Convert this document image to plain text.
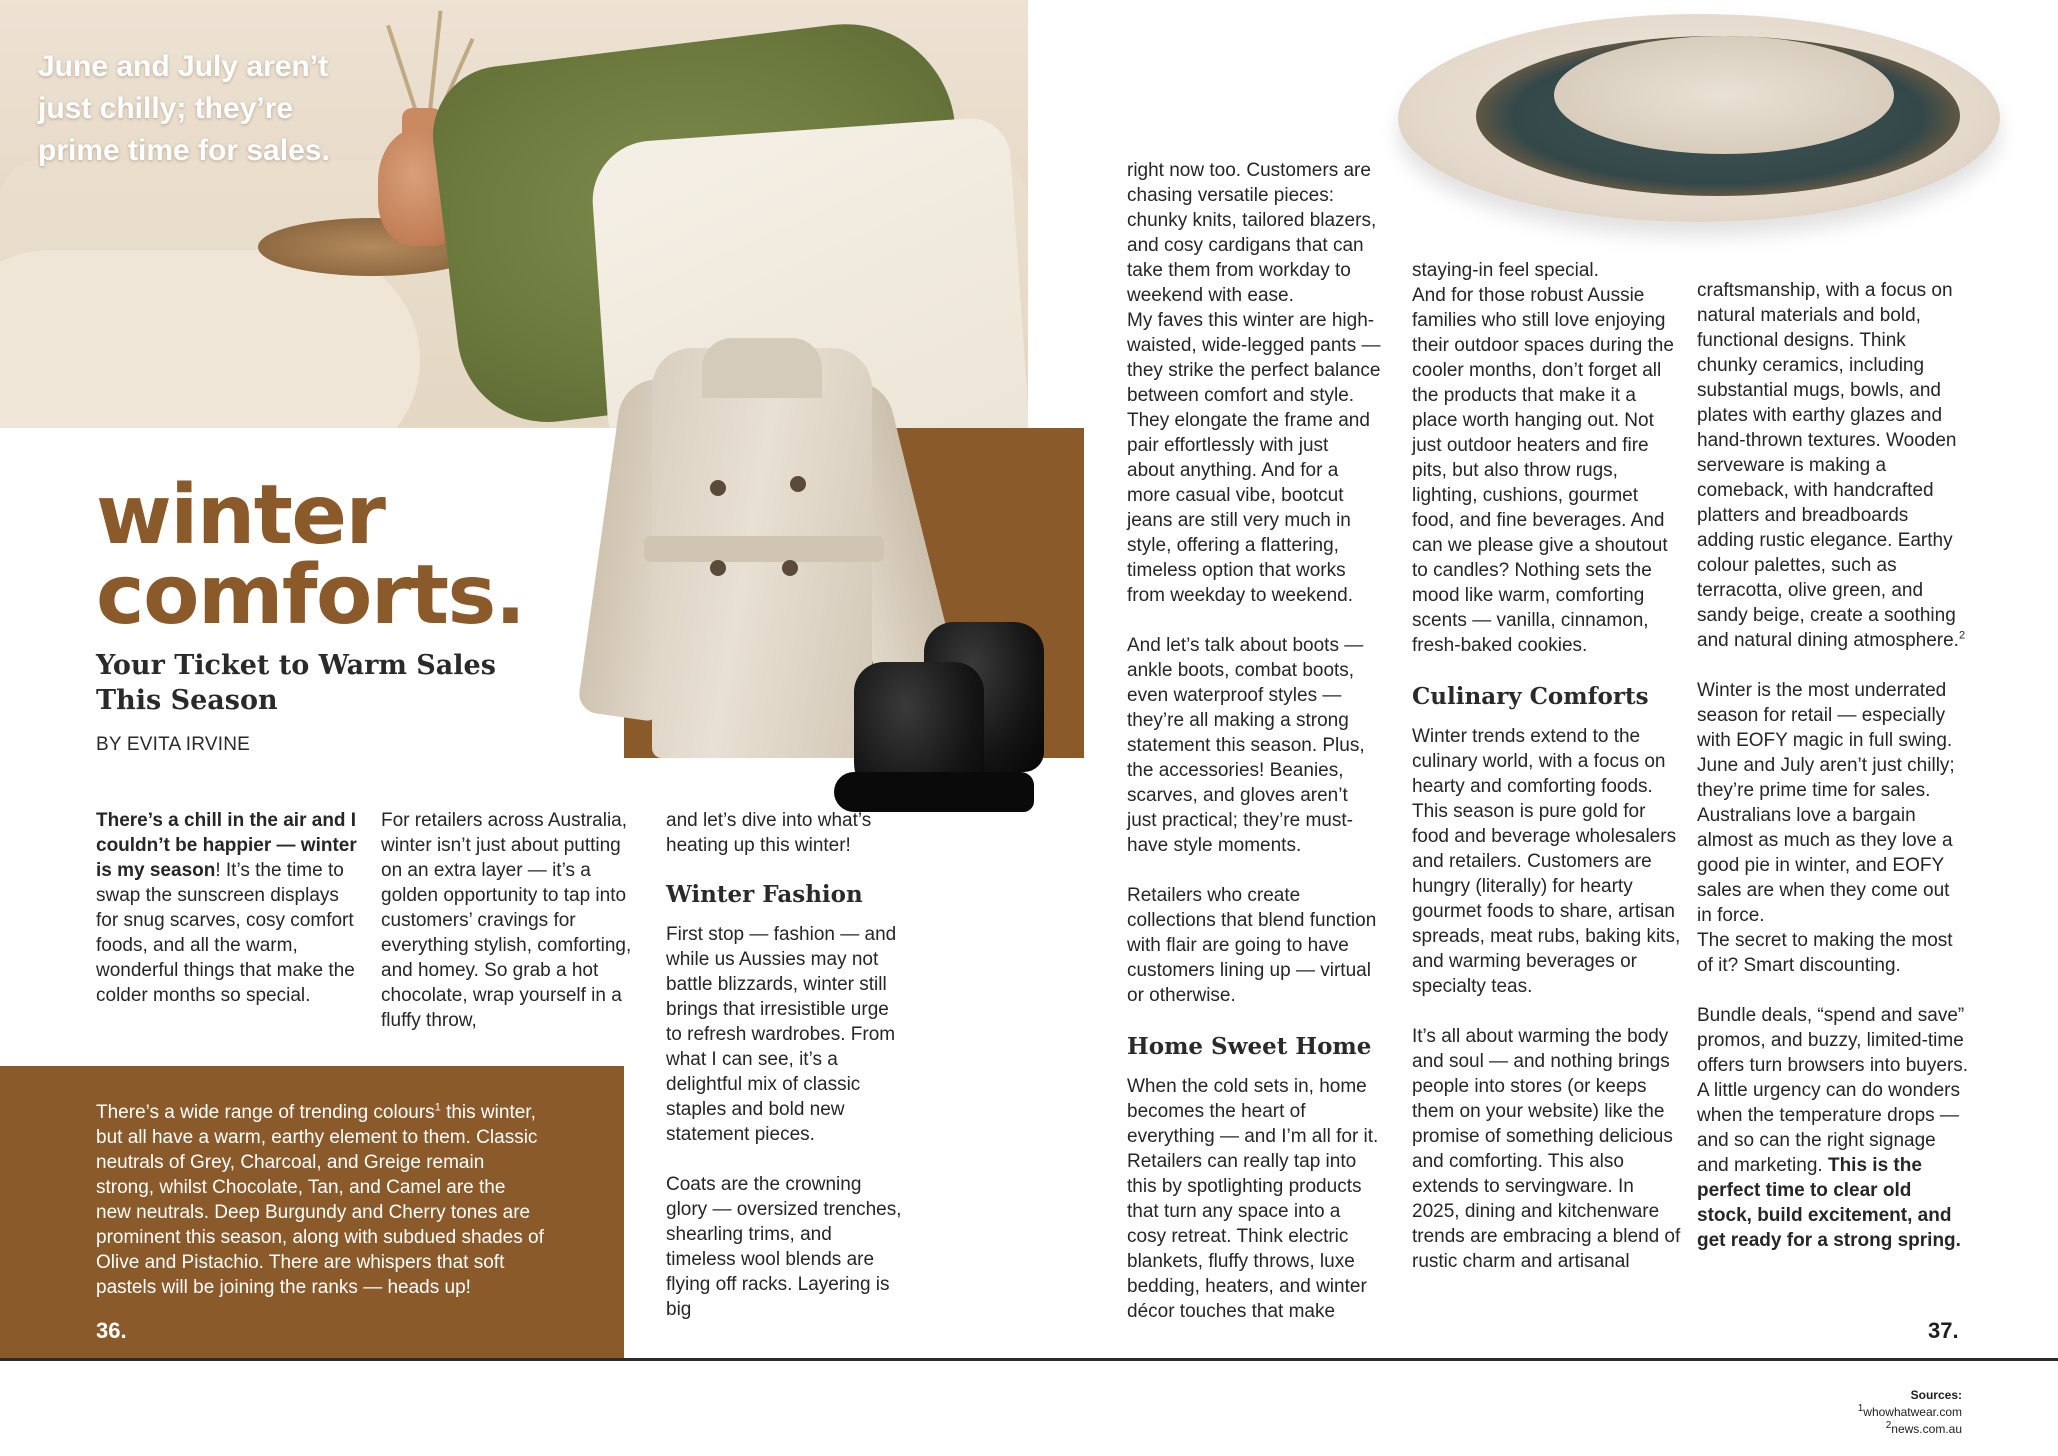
June and July aren’t just chilly; they’re prime time for sales.
winter
comforts.
Your Ticket to Warm Sales This Season
BY EVITA IRVINE

There’s a chill in the air and I couldn’t be happier — winter is my season! It’s the time to swap the sunscreen displays for snug scarves, cosy comfort foods, and all the warm, wonderful things that make the colder months so special.

For retailers across Australia, winter isn’t just about putting on an extra layer — it’s a golden opportunity to tap into customers’ cravings for everything stylish, comforting, and homey. So grab a hot chocolate, wrap yourself in a fluffy throw,

and let’s dive into what’s heating up this winter!

Winter Fashion

First stop — fashion — and while us Aussies may not battle blizzards, winter still brings that irresistible urge to refresh wardrobes. From what I can see, it’s a delightful mix of classic staples and bold new statement pieces.

Coats are the crowning glory — oversized trenches, shearling trims, and timeless wool blends are flying off racks. Layering is big

right now too. Customers are chasing versatile pieces: chunky knits, tailored blazers, and cosy cardigans that can take them from workday to weekend with ease.

My faves this winter are high-waisted, wide-legged pants — they strike the perfect balance between comfort and style. They elongate the frame and pair effortlessly with just about anything. And for a more casual vibe, bootcut jeans are still very much in style, offering a flattering, timeless option that works from weekday to weekend.

And let’s talk about boots — ankle boots, combat boots, even waterproof styles — they’re all making a strong statement this season. Plus, the accessories! Beanies, scarves, and gloves aren’t just practical; they’re must-have style moments.

Retailers who create collections that blend function with flair are going to have customers lining up — virtual or otherwise.

Home Sweet Home

When the cold sets in, home becomes the heart of everything — and I’m all for it. Retailers can really tap into this by spotlighting products that turn any space into a cosy retreat. Think electric blankets, fluffy throws, luxe bedding, heaters, and winter décor touches that make

staying-in feel special.

And for those robust Aussie families who still love enjoying their outdoor spaces during the cooler months, don’t forget all the products that make it a place worth hanging out. Not just outdoor heaters and fire pits, but also throw rugs, lighting, cushions, gourmet food, and fine beverages. And can we please give a shoutout to candles? Nothing sets the mood like warm, comforting scents — vanilla, cinnamon, fresh-baked cookies.

Culinary Comforts

Winter trends extend to the culinary world, with a focus on hearty and comforting foods. This season is pure gold for food and beverage wholesalers and retailers. Customers are hungry (literally) for hearty gourmet foods to share, artisan spreads, meat rubs, baking kits, and warming beverages or specialty teas.

It’s all about warming the body and soul — and nothing brings people into stores (or keeps them on your website) like the promise of something delicious and comforting. This also extends to servingware. In 2025, dining and kitchenware trends are embracing a blend of rustic charm and artisanal

craftsmanship, with a focus on natural materials and bold, functional designs. Think chunky ceramics, including substantial mugs, bowls, and plates with earthy glazes and hand-thrown textures. Wooden serveware is making a comeback, with handcrafted platters and breadboards adding rustic elegance. Earthy colour palettes, such as terracotta, olive green, and sandy beige, create a soothing and natural dining atmosphere.$^2$

Winter is the most underrated season for retail — especially with EOFY magic in full swing. June and July aren’t just chilly; they’re prime time for sales. Australians love a bargain almost as much as they love a good pie in winter, and EOFY sales are when they come out in force.

The secret to making the most of it? Smart discounting.

Bundle deals, “spend and save” promos, and buzzy, limited-time offers turn browsers into buyers. A little urgency can do wonders when the temperature drops — and so can the right signage and marketing. This is the perfect time to clear old stock, build excitement, and get ready for a strong spring.

There’s a wide range of trending colours$^1$ this winter, but all have a warm, earthy element to them. Classic neutrals of Grey, Charcoal, and Greige remain strong, whilst Chocolate, Tan, and Camel are the new neutrals. Deep Burgundy and Cherry tones are prominent this season, along with subdued shades of Olive and Pistachio. There are whispers that soft pastels will be joining the ranks — heads up!
36.	37.
Sources:
$^1$whowhatwear.com
$^2$news.com.au
